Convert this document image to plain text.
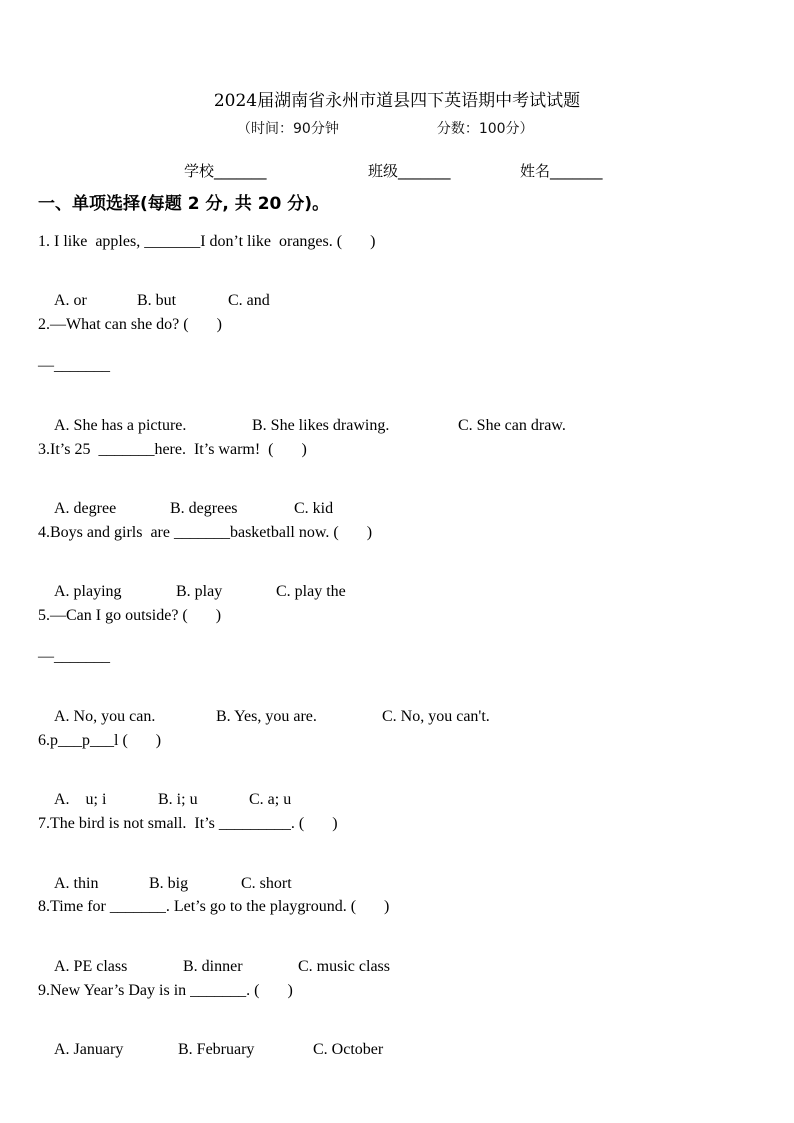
2024届湖南省永州市道县四下英语期中考试试题
（时间：90分钟	分数：100分）
学校_______	班级_______	姓名_______
一、单项选择(每题 2 分, 共 20 分)。
1. I like  apples, _______I don’t like  oranges. (       )

A. or	B. but	C. and

2.—What can she do? (       )
—_______

A. She has a picture.	B. She likes drawing.	C. She can draw.

3.It’s 25  _______here.  It’s warm!  (       )

A. degree	B. degrees	C. kid

4.Boys and girls  are _______basketball now. (       )

A. playing	B. play	C. play the

5.—Can I go outside? (       )
—_______

A. No, you can.	B. Yes, you are.	C. No, you can't.

6.p___p___l (       )

A.    u; i	B. i; u	C. a; u

7.The bird is not small.  It’s _________. (       )

A. thin	B. big	C. short

8.Time for _______. Let’s go to the playground. (       )

A. PE class	B. dinner	C. music class

9.New Year’s Day is in _______. (       )

A. January	B. February	C. October
